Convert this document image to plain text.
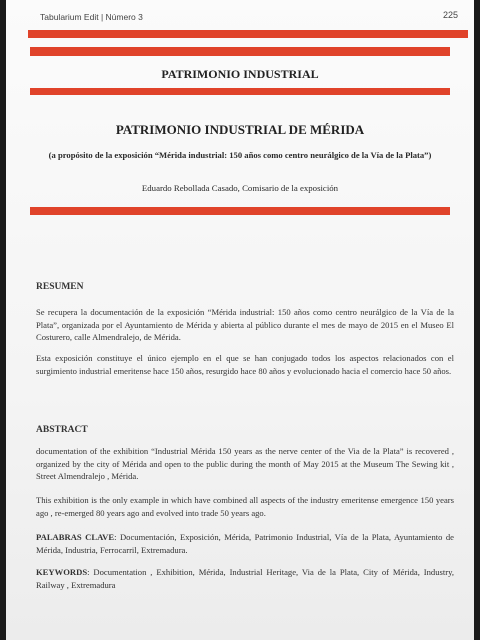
Tabularium Edit | Número 3	225
PATRIMONIO INDUSTRIAL
PATRIMONIO INDUSTRIAL DE MÉRIDA
(a propósito de la exposición “Mérida industrial: 150 años como centro neurálgico de la Vía de la Plata”)
Eduardo Rebollada Casado, Comisario de la exposición
RESUMEN
Se recupera la documentación de la exposición “Mérida industrial: 150 años como centro neurálgico de la Vía de la Plata”, organizada por el Ayuntamiento de Mérida y abierta al público durante el mes de mayo de 2015 en el Museo El Costurero, calle Almendralejo, de Mérida.
Esta exposición constituye el único ejemplo en el que se han conjugado todos los aspectos relacionados con el surgimiento industrial emeritense hace 150 años, resurgido hace 80 años y evolucionado hacia el comercio hace 50 años.
ABSTRACT
documentation of the exhibition “Industrial Mérida 150 years as the nerve center of the Via de la Plata” is recovered , organized by the city of Mérida and open to the public during the month of May 2015 at the Museum The Sewing kit , Street Almendralejo , Mérida.
This exhibition is the only example in which have combined all aspects of the industry emeritense emergence 150 years ago , re-emerged 80 years ago and evolved into trade 50 years ago.
PALABRAS CLAVE: Documentación, Exposición, Mérida, Patrimonio Industrial, Vía de la Plata, Ayuntamiento de Mérida, Industria, Ferrocarril, Extremadura.
KEYWORDS: Documentation , Exhibition, Mérida, Industrial Heritage, Via de la Plata, City of Mérida, Industry, Railway , Extremadura
